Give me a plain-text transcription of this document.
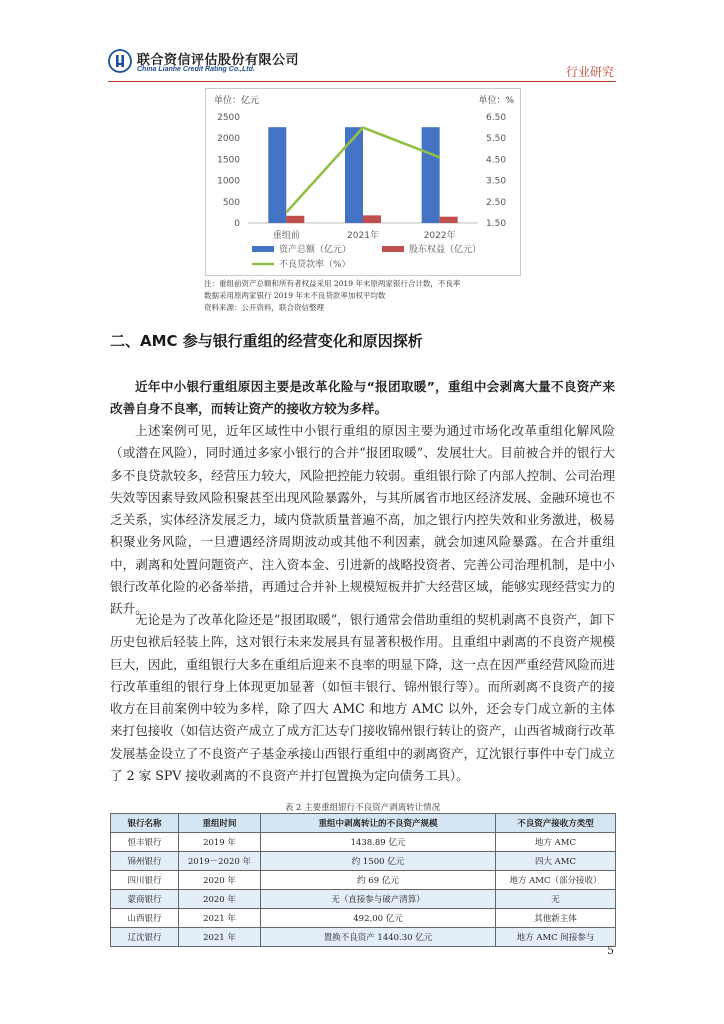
联合资信评估股份有限公司
China Lianhe Credit Rating Co.,Ltd.	行业研究
单位：亿元	单位：%
0
500
1000
1500
2000
2500
1.50
2.50
3.50
4.50
5.50
6.50
重组前	2021年	2022年
资产总额（亿元）	股东权益（亿元）
不良贷款率（%）
注：重组前资产总额和所有者权益采用 2019 年末原两家银行合计数，不良率
数据采用原两家银行 2019 年末不良贷款率加权平均数
资料来源：公开资料，联合资信整理
二、AMC 参与银行重组的经营变化和原因探析
近年中小银行重组原因主要是改革化险与“报团取暖”，重组中会剥离大量不良资产来改善自身不良率，而转让资产的接收方较为多样。
上述案例可见，近年区域性中小银行重组的原因主要为通过市场化改革重组化解风险（或潜在风险），同时通过多家小银行的合并“报团取暖”、发展壮大。目前被合并的银行大多不良贷款较多，经营压力较大，风险把控能力较弱。重组银行除了内部人控制、公司治理失效等因素导致风险积聚甚至出现风险暴露外，与其所属省市地区经济发展、金融环境也不乏关系，实体经济发展乏力，域内贷款质量普遍不高，加之银行内控失效和业务激进，极易积聚业务风险，一旦遭遇经济周期波动或其他不利因素，就会加速风险暴露。在合并重组中，剥离和处置问题资产、注入资本金、引进新的战略投资者、完善公司治理机制，是中小银行改革化险的必备举措，再通过合并补上规模短板并扩大经营区域，能够实现经营实力的跃升。
无论是为了改革化险还是“报团取暖”，银行通常会借助重组的契机剥离不良资产，卸下历史包袱后轻装上阵，这对银行未来发展具有显著积极作用。且重组中剥离的不良资产规模巨大，因此，重组银行大多在重组后迎来不良率的明显下降，这一点在因严重经营风险而进行改革重组的银行身上体现更加显著（如恒丰银行、锦州银行等）。而所剥离不良资产的接收方在目前案例中较为多样，除了四大 AMC 和地方 AMC 以外，还会专门成立新的主体来打包接收（如信达资产成立了成方汇达专门接收锦州银行转让的资产，山西省城商行改革发展基金设立了不良资产子基金承接山西银行重组中的剥离资产，辽沈银行事件中专门成立了 2 家 SPV 接收剥离的不良资产并打包置换为定向债务工具）。
表 2 主要重组银行不良资产剥离转让情况
银行名称	重组时间	重组中剥离转让的不良资产规模	不良资产接收方类型
恒丰银行	2019 年	1438.89 亿元	地方 AMC
锦州银行	2019－2020 年	约 1500 亿元	四大 AMC
四川银行	2020 年	约 69 亿元	地方 AMC（部分接收）
蒙商银行	2020 年	无（直接参与破产清算）	无
山西银行	2021 年	492.00 亿元	其他新主体
辽沈银行	2021 年	置换不良资产 1440.30 亿元	地方 AMC 间接参与
5
